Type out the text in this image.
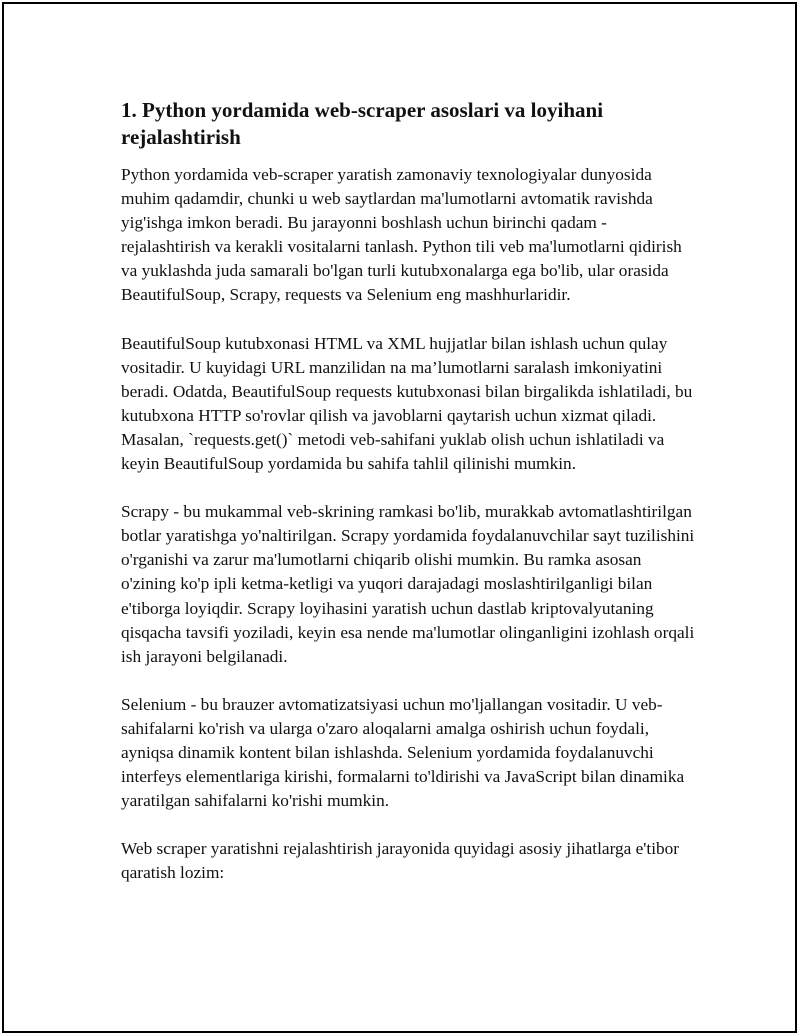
1. Python yordamida web-scraper asoslari va loyihani rejalashtirish

Python yordamida veb-scraper yaratish zamonaviy texnologiyalar dunyosida muhim qadamdir, chunki u web saytlardan ma'lumotlarni avtomatik ravishda yig'ishga imkon beradi. Bu jarayonni boshlash uchun birinchi qadam - rejalashtirish va kerakli vositalarni tanlash. Python tili veb ma'lumotlarni qidirish va yuklashda juda samarali bo'lgan turli kutubxonalarga ega bo'lib, ular orasida BeautifulSoup, Scrapy, requests va Selenium eng mashhurlaridir.

BeautifulSoup kutubxonasi HTML va XML hujjatlar bilan ishlash uchun qulay vositadir. U kuyidagi URL manzilidan na ma’lumotlarni saralash imkoniyatini beradi. Odatda, BeautifulSoup requests kutubxonasi bilan birgalikda ishlatiladi, bu kutubxona HTTP so'rovlar qilish va javoblarni qaytarish uchun xizmat qiladi. Masalan, `requests.get()` metodi veb-sahifani yuklab olish uchun ishlatiladi va keyin BeautifulSoup yordamida bu sahifa tahlil qilinishi mumkin.

Scrapy - bu mukammal veb-skrining ramkasi bo'lib, murakkab avtomatlashtirilgan botlar yaratishga yo'naltirilgan. Scrapy yordamida foydalanuvchilar sayt tuzilishini o'rganishi va zarur ma'lumotlarni chiqarib olishi mumkin. Bu ramka asosan o'zining ko'p ipli ketma-ketligi va yuqori darajadagi moslashtirilganligi bilan e'tiborga loyiqdir. Scrapy loyihasini yaratish uchun dastlab kriptovalyutaning qisqacha tavsifi yoziladi, keyin esa nende ma'lumotlar olinganligini izohlash orqali ish jarayoni belgilanadi.

Selenium - bu brauzer avtomatizatsiyasi uchun mo'ljallangan vositadir. U veb-sahifalarni ko'rish va ularga o'zaro aloqalarni amalga oshirish uchun foydali, ayniqsa dinamik kontent bilan ishlashda. Selenium yordamida foydalanuvchi interfeys elementlariga kirishi, formalarni to'ldirishi va JavaScript bilan dinamika yaratilgan sahifalarni ko'rishi mumkin.

Web scraper yaratishni rejalashtirish jarayonida quyidagi asosiy jihatlarga e'tibor qaratish lozim:
